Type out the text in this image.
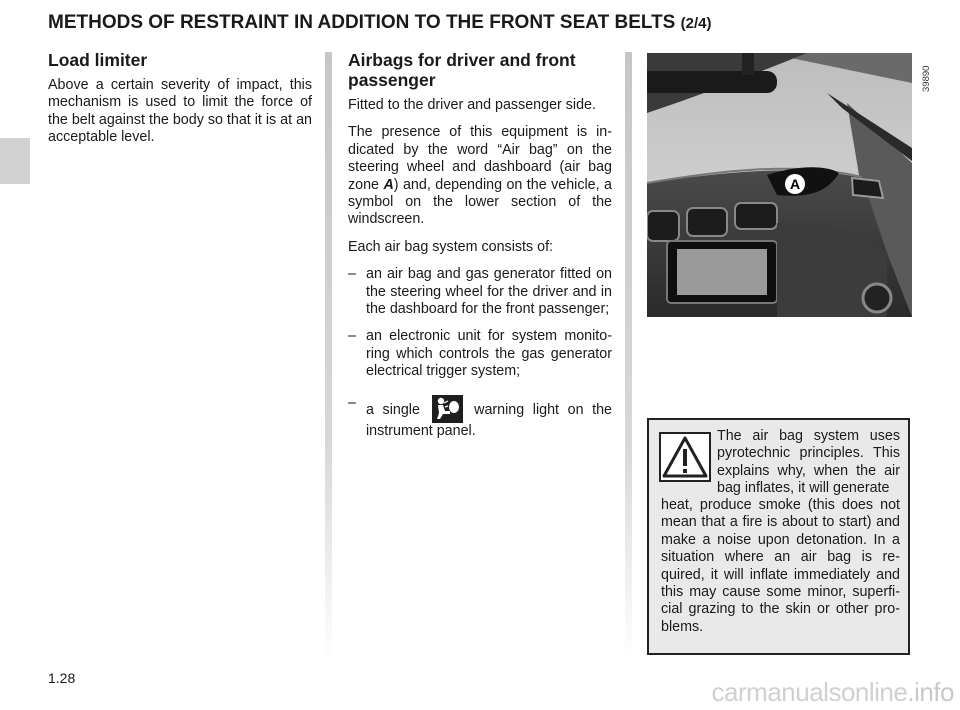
METHODS OF RESTRAINT IN ADDITION TO THE FRONT SEAT BELTS (2/4)
Load limiter

Above a certain severity of impact, this mechanism is used to limit the force of the belt against the body so that it is at an acceptable level.

Airbags for driver and front passenger

Fitted to the driver and passenger side.

The presence of this equipment is in-dicated by the word “Air bag” on the steering wheel and dashboard (air bag zone A) and, depending on the vehicle, a symbol on the lower section of the windscreen.

Each air bag system consists of:

– an air bag and gas generator fitted on the steering wheel for the driver and in the dashboard for the front passenger;
– an electronic unit for system monito-ring which controls the gas generator electrical trigger system;
– a single	warning light on the instrument panel.
A
39890
The air bag system uses pyrotechnic principles. This explains why, when the air bag inflates, it will generate
heat, produce smoke (this does not mean that a fire is about to start) and make a noise upon detonation. In a situation where an air bag is re-quired, it will inflate immediately and this may cause some minor, superfi-cial grazing to the skin or other pro-blems.
1.28	carmanualsonline.info
